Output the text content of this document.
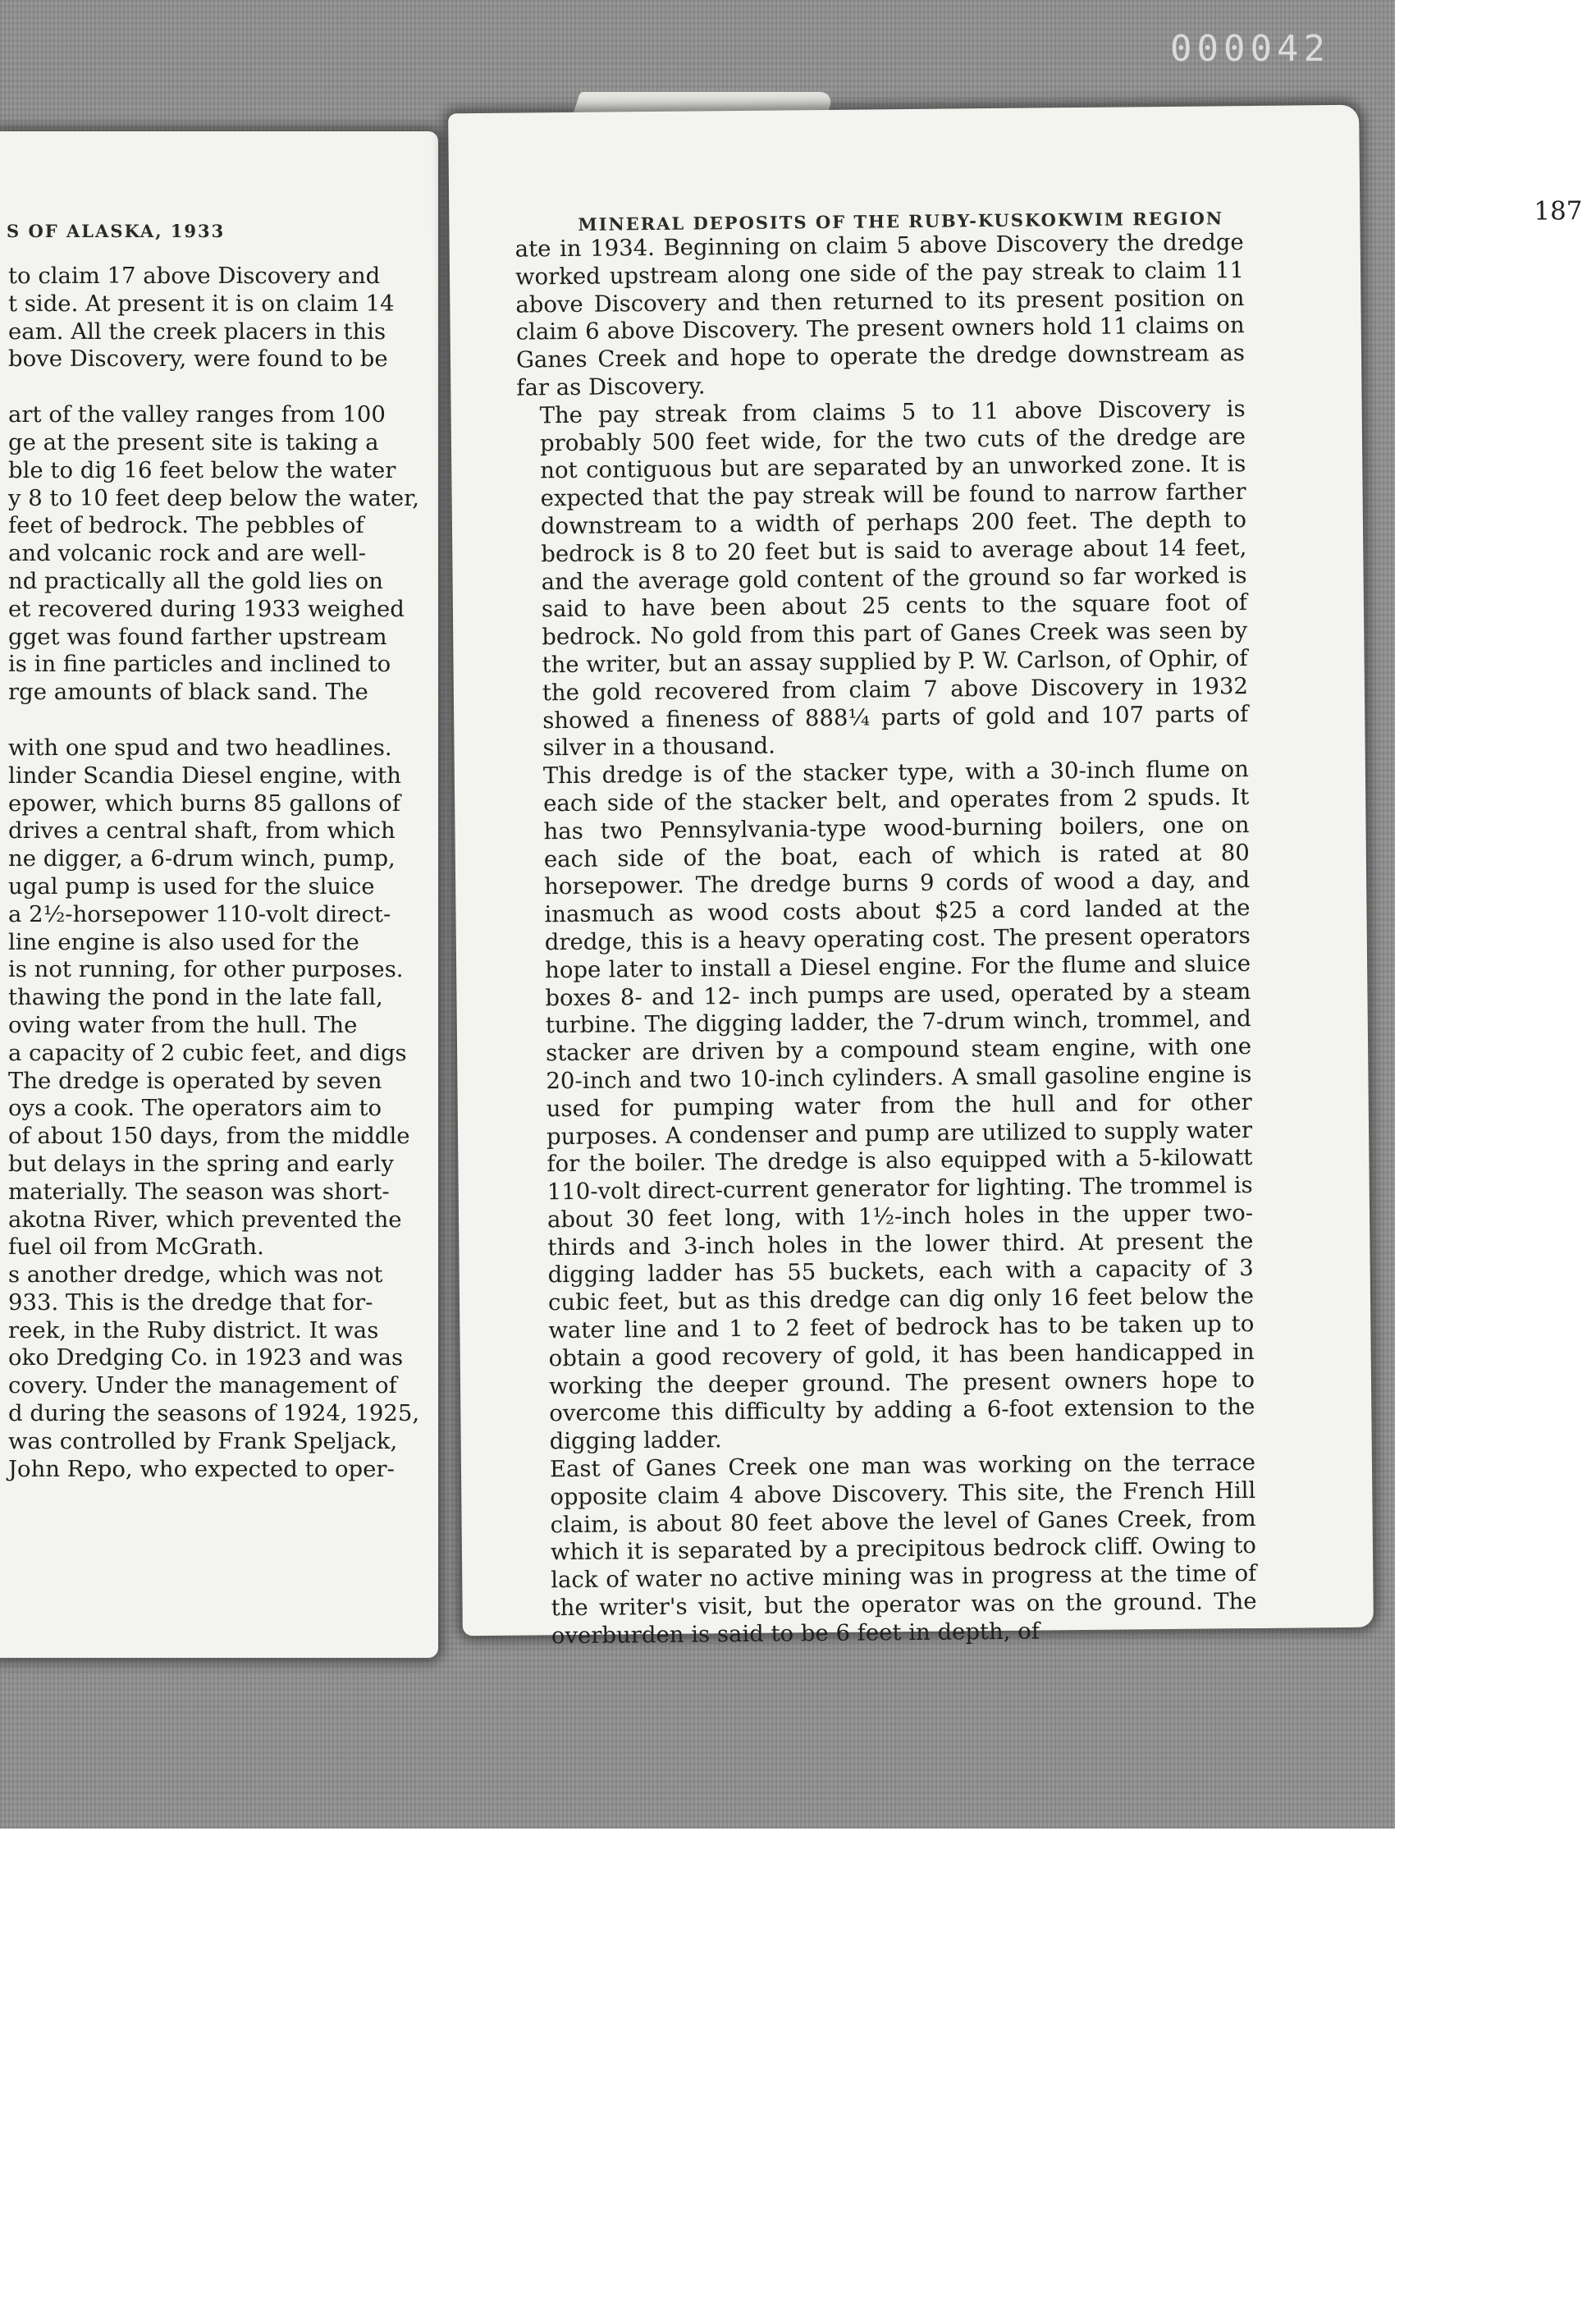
000042
S OF ALASKA, 1933
to claim 17 above Discovery and
t side. At present it is on claim 14
eam. All the creek placers in this
bove Discovery, were found to be
art of the valley ranges from 100
ge at the present site is taking a
ble to dig 16 feet below the water
y 8 to 10 feet deep below the water,
feet of bedrock. The pebbles of
and volcanic rock and are well-
nd practically all the gold lies on
et recovered during 1933 weighed
gget was found farther upstream
is in fine particles and inclined to
rge amounts of black sand. The
with one spud and two headlines.
linder Scandia Diesel engine, with
epower, which burns 85 gallons of
drives a central shaft, from which
ne digger, a 6-drum winch, pump,
ugal pump is used for the sluice
a 2½-horsepower 110-volt direct-
line engine is also used for the
is not running, for other purposes.
thawing the pond in the late fall,
oving water from the hull. The
a capacity of 2 cubic feet, and digs
The dredge is operated by seven
oys a cook. The operators aim to
of about 150 days, from the middle
but delays in the spring and early
materially. The season was short-
akotna River, which prevented the
fuel oil from McGrath.
s another dredge, which was not
933. This is the dredge that for-
reek, in the Ruby district. It was
oko Dredging Co. in 1923 and was
covery. Under the management of
d during the seasons of 1924, 1925,
was controlled by Frank Speljack,
John Repo, who expected to oper-
MINERAL DEPOSITS OF THE RUBY-KUSKOKWIM REGION	187

ate in 1934. Beginning on claim 5 above Discovery the dredge worked upstream along one side of the pay streak to claim 11 above Discovery and then returned to its present position on claim 6 above Discovery. The present owners hold 11 claims on Ganes Creek and hope to operate the dredge downstream as far as Discovery.

The pay streak from claims 5 to 11 above Discovery is probably 500 feet wide, for the two cuts of the dredge are not contiguous but are separated by an unworked zone. It is expected that the pay streak will be found to narrow farther downstream to a width of perhaps 200 feet. The depth to bedrock is 8 to 20 feet but is said to average about 14 feet, and the average gold content of the ground so far worked is said to have been about 25 cents to the square foot of bedrock. No gold from this part of Ganes Creek was seen by the writer, but an assay supplied by P. W. Carlson, of Ophir, of the gold recovered from claim 7 above Discovery in 1932 showed a fineness of 888¼ parts of gold and 107 parts of silver in a thousand.

This dredge is of the stacker type, with a 30-inch flume on each side of the stacker belt, and operates from 2 spuds. It has two Pennsylvania-type wood-burning boilers, one on each side of the boat, each of which is rated at 80 horsepower. The dredge burns 9 cords of wood a day, and inasmuch as wood costs about $25 a cord landed at the dredge, this is a heavy operating cost. The present operators hope later to install a Diesel engine. For the flume and sluice boxes 8- and 12- inch pumps are used, operated by a steam turbine. The digging ladder, the 7-drum winch, trommel, and stacker are driven by a compound steam engine, with one 20-inch and two 10-inch cylinders. A small gasoline engine is used for pumping water from the hull and for other purposes. A condenser and pump are utilized to supply water for the boiler. The dredge is also equipped with a 5-kilowatt 110-volt direct-current generator for lighting. The trommel is about 30 feet long, with 1½-inch holes in the upper two-thirds and 3-inch holes in the lower third. At present the digging ladder has 55 buckets, each with a capacity of 3 cubic feet, but as this dredge can dig only 16 feet below the water line and 1 to 2 feet of bedrock has to be taken up to obtain a good recovery of gold, it has been handicapped in working the deeper ground. The present owners hope to overcome this difficulty by adding a 6-foot extension to the digging ladder.

East of Ganes Creek one man was working on the terrace opposite claim 4 above Discovery. This site, the French Hill claim, is about 80 feet above the level of Ganes Creek, from which it is separated by a precipitous bedrock cliff. Owing to lack of water no active mining was in progress at the time of the writer's visit, but the operator was on the ground. The overburden is said to be 6 feet in depth, of
